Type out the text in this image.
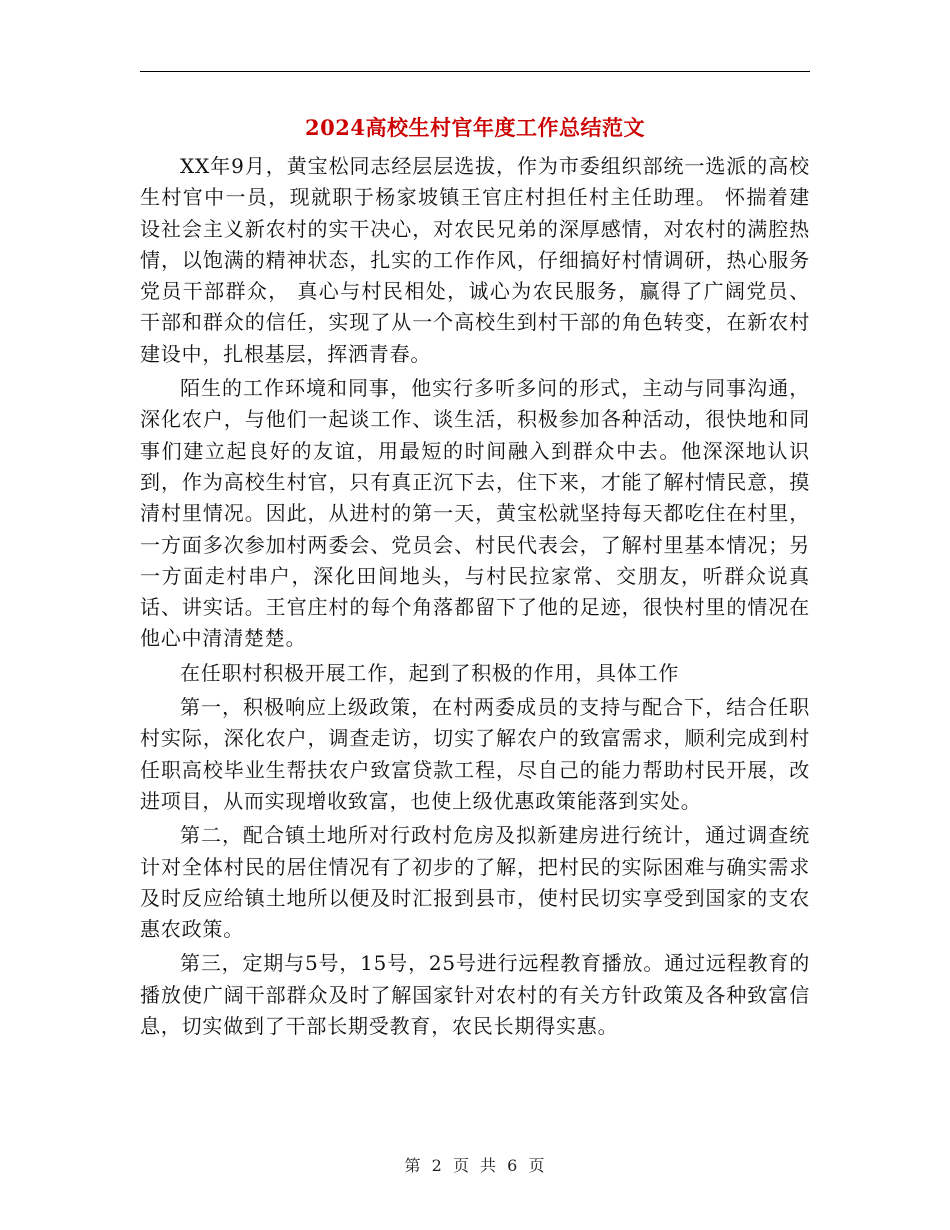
2024高校生村官年度工作总结范文

XX年9月，黄宝松同志经层层选拔，作为市委组织部统一选派的高校生村官中一员，现就职于杨家坡镇王官庄村担任村主任助理。 怀揣着建设社会主义新农村的实干决心，对农民兄弟的深厚感情，对农村的满腔热情，以饱满的精神状态，扎实的工作作风，仔细搞好村情调研，热心服务党员干部群众， 真心与村民相处，诚心为农民服务，赢得了广阔党员、干部和群众的信任，实现了从一个高校生到村干部的角色转变，在新农村建设中，扎根基层，挥洒青春。

陌生的工作环境和同事，他实行多听多问的形式，主动与同事沟通，深化农户，与他们一起谈工作、谈生活，积极参加各种活动，很快地和同事们建立起良好的友谊，用最短的时间融入到群众中去。他深深地认识到，作为高校生村官，只有真正沉下去，住下来，才能了解村情民意，摸清村里情况。因此，从进村的第一天，黄宝松就坚持每天都吃住在村里，一方面多次参加村两委会、党员会、村民代表会，了解村里基本情况；另一方面走村串户，深化田间地头，与村民拉家常、交朋友，听群众说真话、讲实话。王官庄村的每个角落都留下了他的足迹，很快村里的情况在他心中清清楚楚。

在任职村积极开展工作，起到了积极的作用，具体工作

第一，积极响应上级政策，在村两委成员的支持与配合下，结合任职村实际，深化农户，调查走访，切实了解农户的致富需求，顺利完成到村任职高校毕业生帮扶农户致富贷款工程，尽自己的能力帮助村民开展，改进项目，从而实现增收致富，也使上级优惠政策能落到实处。

第二，配合镇土地所对行政村危房及拟新建房进行统计，通过调查统计对全体村民的居住情况有了初步的了解，把村民的实际困难与确实需求及时反应给镇土地所以便及时汇报到县市，使村民切实享受到国家的支农惠农政策。

第三，定期与5号，15号，25号进行远程教育播放。通过远程教育的播放使广阔干部群众及时了解国家针对农村的有关方针政策及各种致富信息，切实做到了干部长期受教育，农民长期得实惠。

第 2 页 共 6 页
